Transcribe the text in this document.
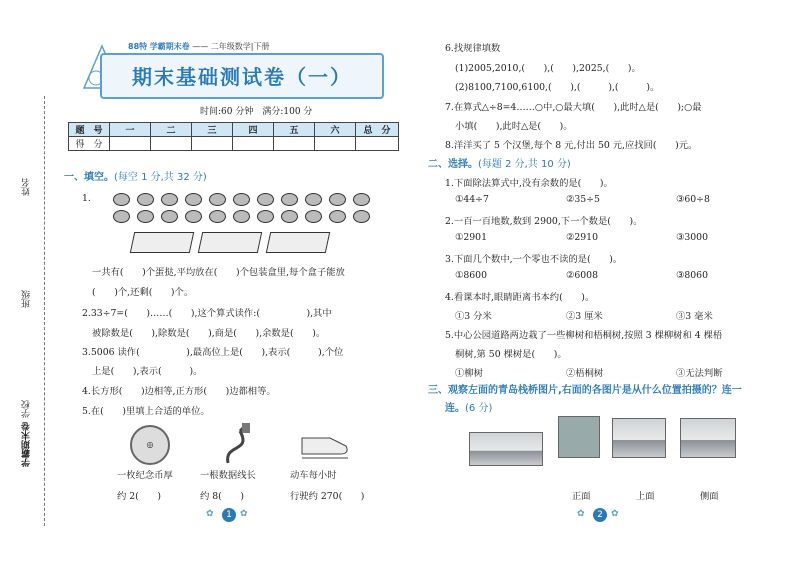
姓名
班级
学校
学霸期末卷
88特 学霸期末卷 —— 二年级数学|下册
期末基础测试卷（一）
时间:60 分钟　满分:100 分
题　号	一	二	三	四	五	六	总　分
得　分							
一、填空。(每空 1 分,共 32 分)
1.
一共有(　　)个蛋挞,平均放在(　　)个包装盒里,每个盒子能放
(　　)个,还剩(　　)个。
2.33÷7=(　　)……(　　),这个算式读作:(　　　　　),其中
被除数是(　　),除数是(　　),商是(　　),余数是(　　)。
3.5006 读作(　　　　　),最高位上是(　　),表示(　　　),个位
上是(　　),表示(　　　)。
4.长方形(　　)边相等,正方形(　　)边都相等。
5.在(　　)里填上合适的单位。
◎
一枚纪念币厚	一根数据线长	动车每小时
约 2(　　)	约 8(　　)	行驶约 270(　　)
✿	1 ✿
6.找规律填数
(1)2005,2010,(　　),(　　),2025,(　　)。
(2)8100,7100,6100,(　　),(　　　),(　　　)。
7.在算式△÷8=4……○中,○最大填(　　),此时△是(　　);○最
小填(　　),此时△是(　　)。
8.洋洋买了 5 个汉堡,每个 8 元,付出 50 元,应找回(　　)元。
二、选择。(每题 2 分,共 10 分)
1.下面除法算式中,没有余数的是(　　)。
①44÷7	②35÷5	③60÷8
2.一百一百地数,数到 2900,下一个数是(　　)。
①2901	②2910	③3000
3.下面几个数中,一个零也不读的是(　　)。
①8600	②6008	③8060
4.看课本时,眼睛距离书本约(　　)。
①3 分米	②3 厘米	③3 毫米
5.中心公园道路两边栽了一些柳树和梧桐树,按照 3 棵柳树和 4 棵梧
桐树,第 50 棵树是(　　)。
①柳树	②梧桐树	③无法判断
三、观察左面的青岛栈桥图片,右面的各图片是从什么位置拍摄的？连一
连。(6 分)
正面	上面	侧面
✿	2 ✿
